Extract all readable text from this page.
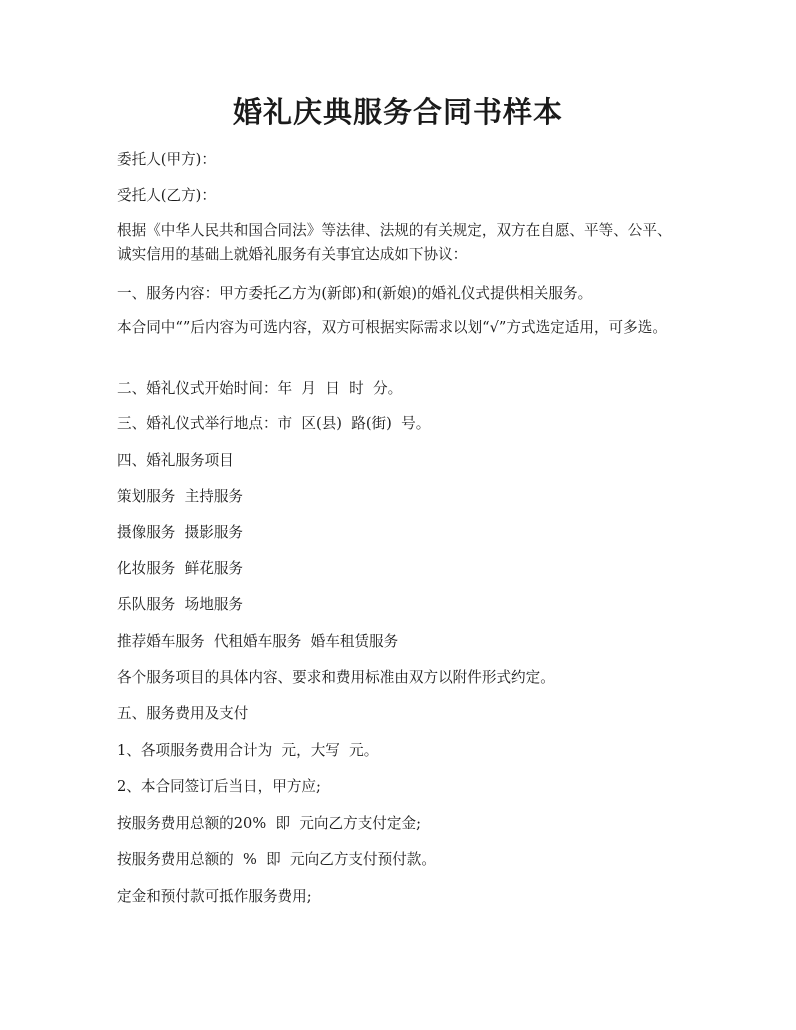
婚礼庆典服务合同书样本

委托人(甲方)：

受托人(乙方)：

根据《中华人民共和国合同法》等法律、法规的有关规定，双方在自愿、平等、公平、诚实信用的基础上就婚礼服务有关事宜达成如下协议：

一、服务内容：甲方委托乙方为(新郎)和(新娘)的婚礼仪式提供相关服务。

本合同中“”后内容为可选内容，双方可根据实际需求以划“√”方式选定适用，可多选。

二、婚礼仪式开始时间：年  月  日  时  分。

三、婚礼仪式举行地点：市  区(县)  路(街)  号。

四、婚礼服务项目

策划服务  主持服务

摄像服务  摄影服务

化妆服务  鲜花服务

乐队服务  场地服务

推荐婚车服务  代租婚车服务  婚车租赁服务

各个服务项目的具体内容、要求和费用标准由双方以附件形式约定。

五、服务费用及支付

1、各项服务费用合计为  元，大写  元。

2、本合同签订后当日，甲方应;

按服务费用总额的20%  即  元向乙方支付定金;

按服务费用总额的  %  即  元向乙方支付预付款。

定金和预付款可抵作服务费用;
